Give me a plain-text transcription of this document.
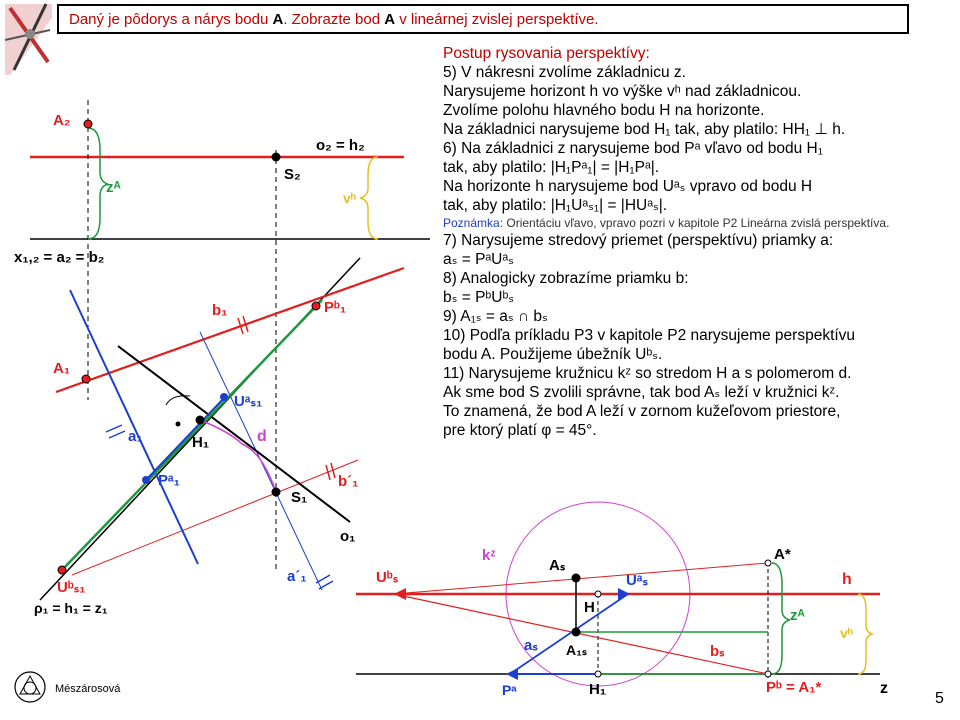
A₂
o₂ = h₂
S₂
zᴬ
vʰ
x₁,₂ = a₂ = b₂
b₁	Pᵇ₁
A₁
Uᵃₛ₁
a₁	H₁	d
Pᵃ₁	b´₁
S₁
o₁
a´₁
Uᵇₛ₁
ρ₁ = h₁ = z₁
kᶻ
Aₛ
A*
Uᵇₛ	Uᵃₛ	h
H	zᴬ
vʰ
aₛ A₁ₛ	bₛ
Pᵃ	H₁	Pᵇ = A₁*	z
Daný je pôdorys a nárys bodu A. Zobrazte bod A v lineárnej zvislej perspektíve.
Postup rysovania perspektívy:
5) V nákresni zvolíme základnicu z.
Narysujeme horizont h vo výške vʰ nad základnicou.
Zvolíme polohu hlavného bodu H na horizonte.
Na základnici narysujeme bod H₁ tak, aby platilo: HH₁ ⊥ h.
6) Na základnici z narysujeme bod Pᵃ vľavo od bodu H₁
tak, aby platilo: |H₁Pᵃ₁| = |H₁Pᵃ|.
Na horizonte h narysujeme bod Uᵃₛ vpravo od bodu H
tak, aby platilo: |H₁Uᵃₛ₁| = |HUᵃₛ|.
Poznámka: Orientáciu vľavo, vpravo pozri v kapitole P2 Lineárna zvislá perspektíva.
7) Narysujeme stredový priemet (perspektívu) priamky a:
aₛ = PᵃUᵃₛ
8) Analogicky zobrazíme priamku b:
bₛ = PᵇUᵇₛ
9) A₁ₛ = aₛ ∩ bₛ
10) Podľa príkladu P3 v kapitole P2 narysujeme perspektívu
bodu A. Použijeme úbežník Uᵇₛ.
11) Narysujeme kružnicu kᶻ so stredom H a s polomerom d.
Ak sme bod S zvolili správne, tak bod Aₛ leží v kružnici kᶻ.
To znamená, že bod A leží v zornom kužeľovom priestore,
pre ktorý platí φ = 45°.
Mészárosová
5
